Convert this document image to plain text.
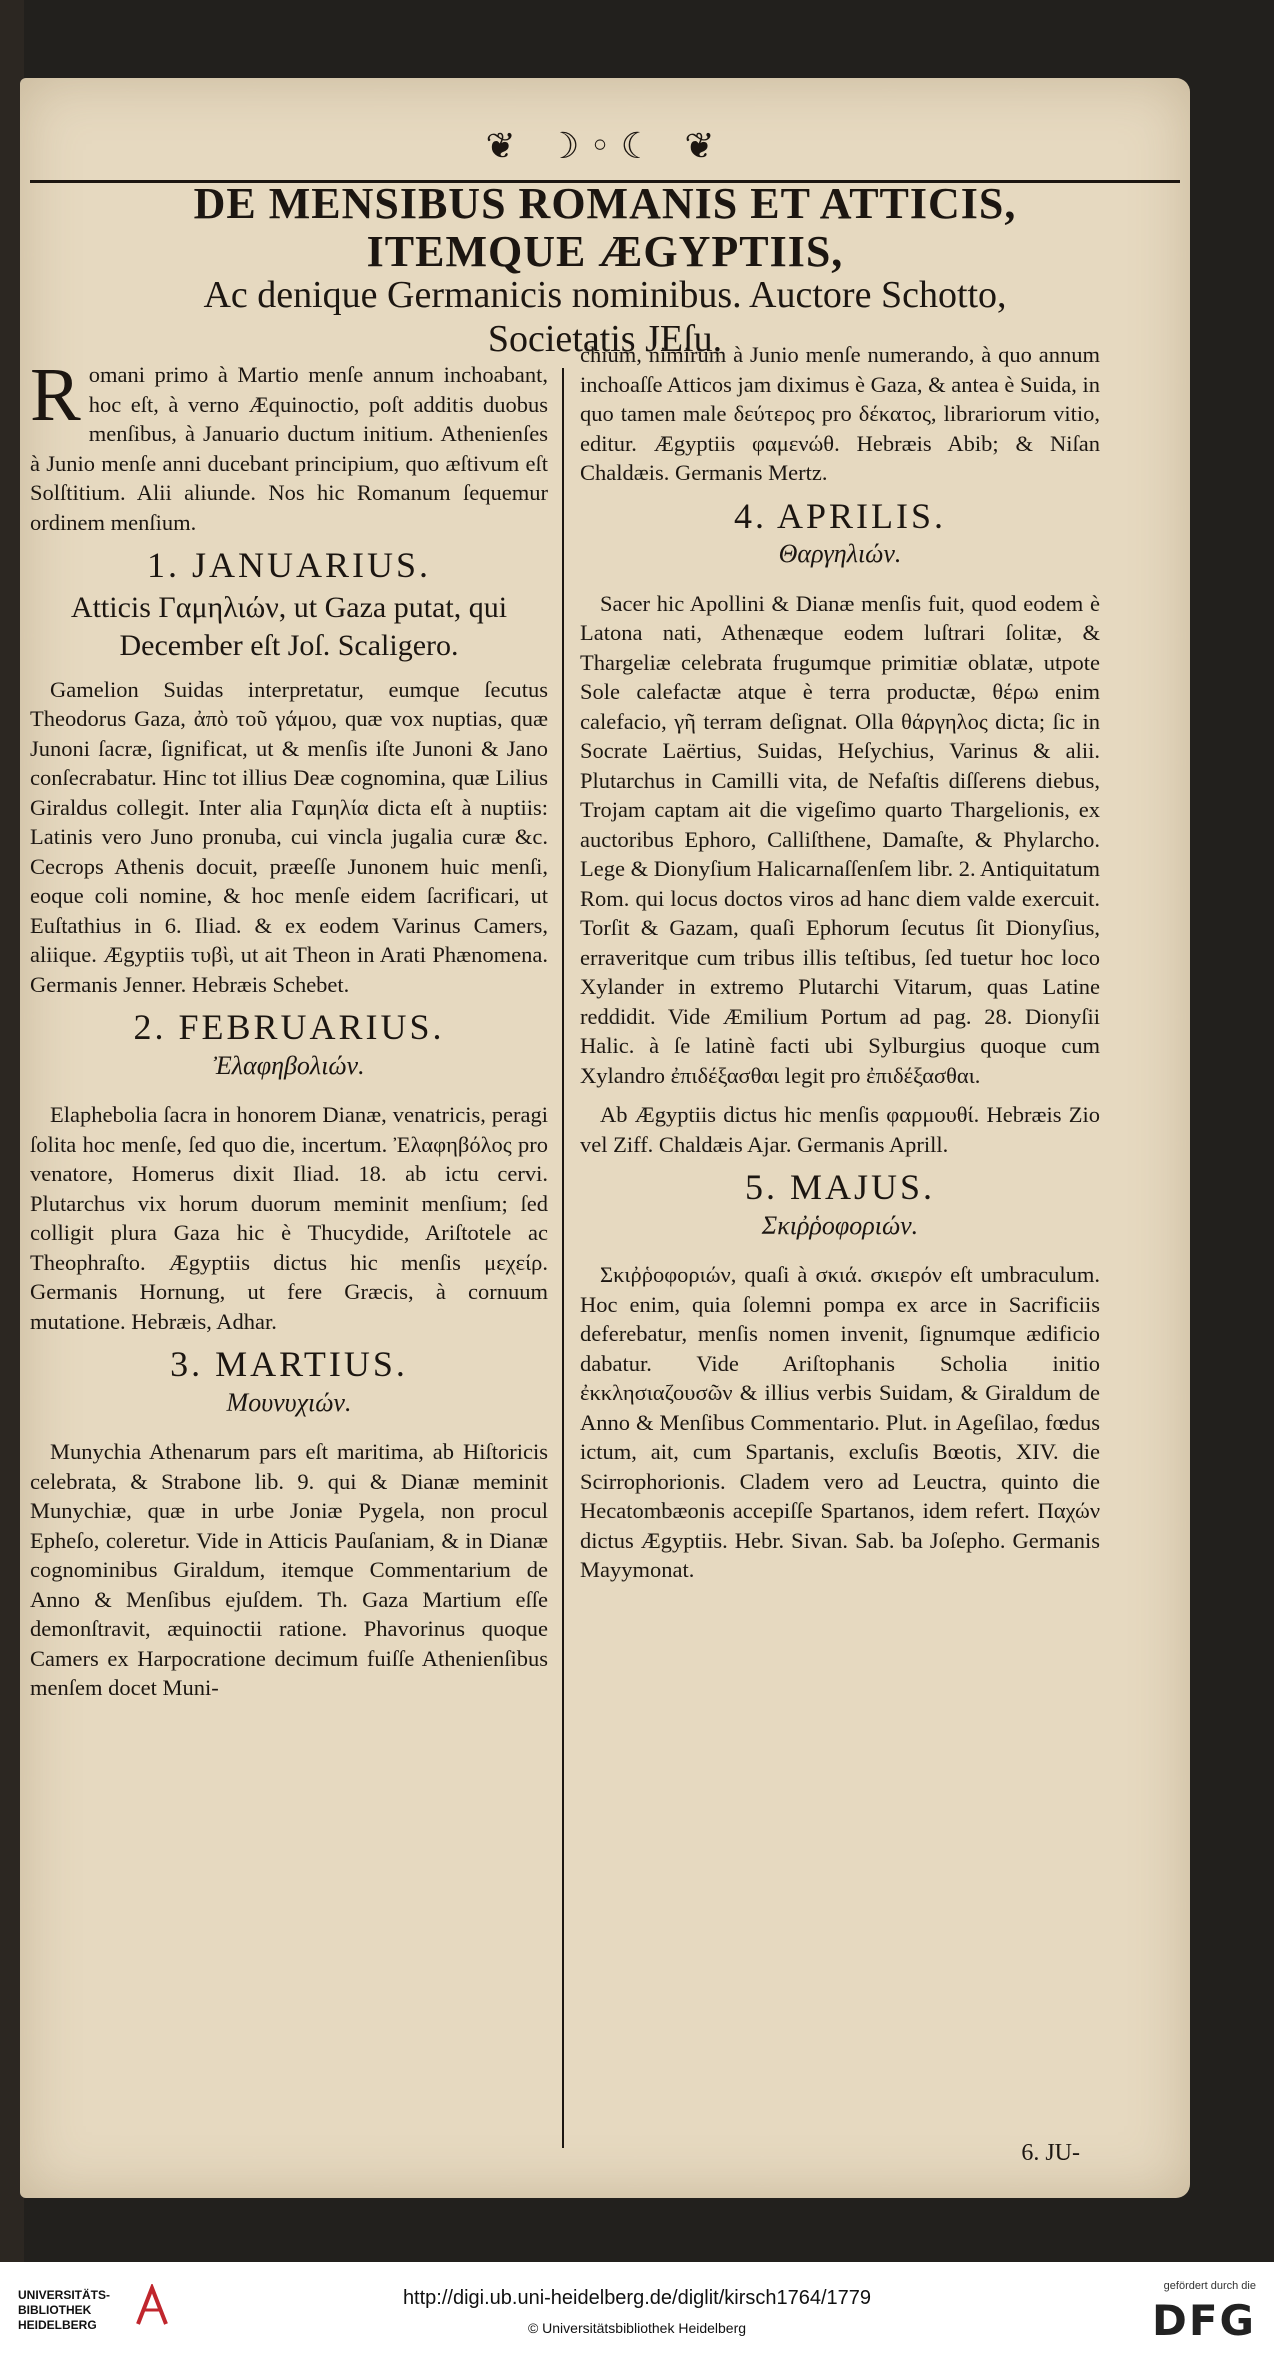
❦ ☽◦☾ ❦
DE MENSIBUS ROMANIS ET ATTICIS,
ITEMQUE ÆGYPTIIS,
Ac denique Germanicis nominibus. Auctore Schotto,
Societatis JEſu.

R omani primo à Martio menſe annum inchoabant, hoc eſt, à verno Æquinoctio, poſt additis duobus menſibus, à Januario ductum initium. Athenienſes à Junio menſe anni ducebant principium, quo æſtivum eſt Solſtitium. Alii aliunde. Nos hic Romanum ſequemur ordinem menſium.

1. JANUARIUS.
Atticis Γαμηλιών, ut Gaza putat, qui December eſt Joſ. Scaligero.

Gamelion Suidas interpretatur, eumque ſecutus Theodorus Gaza, ἀπὸ τοῦ γάμου, quæ vox nuptias, quæ Junoni ſacræ, ſignificat, ut & menſis iſte Junoni & Jano conſecrabatur. Hinc tot illius Deæ cognomina, quæ Lilius Giraldus collegit. Inter alia Γαμηλία dicta eſt à nuptiis: Latinis vero Juno pronuba, cui vincla jugalia curæ &c. Cecrops Athenis docuit, præeſſe Junonem huic menſi, eoque coli nomine, & hoc menſe eidem ſacrificari, ut Euſtathius in 6. Iliad. & ex eodem Varinus Camers, aliique. Ægyptiis τυβὶ, ut ait Theon in Arati Phænomena. Germanis Jenner. Hebræis Schebet.

2. FEBRUARIUS.
Ἐλαφηβολιών.

Elaphebolia ſacra in honorem Dianæ, venatricis, peragi ſolita hoc menſe, ſed quo die, incertum. Ἐλαφηβόλος pro venatore, Homerus dixit Iliad. 18. ab ictu cervi. Plutarchus vix horum duorum meminit menſium; ſed colligit plura Gaza hic è Thucydide, Ariſtotele ac Theophraſto. Ægyptiis dictus hic menſis μεχείρ. Germanis Hornung, ut fere Græcis, à cornuum mutatione. Hebræis, Adhar.

3. MARTIUS.
Μουνυχιών.

Munychia Athenarum pars eſt maritima, ab Hiſtoricis celebrata, & Strabone lib. 9. qui & Dianæ meminit Munychiæ, quæ in urbe Joniæ Pygela, non procul Epheſo, coleretur. Vide in Atticis Pauſaniam, & in Dianæ cognominibus Giraldum, itemque Commentarium de Anno & Menſibus ejuſdem. Th. Gaza Martium eſſe demonſtravit, æquinoctii ratione. Phavorinus quoque Camers ex Harpocratione decimum fuiſſe Athenienſibus menſem docet Muni-

chium, nimirum à Junio menſe numerando, à quo annum inchoaſſe Atticos jam diximus è Gaza, & antea è Suida, in quo tamen male δεύτερος pro δέκατος, librariorum vitio, editur. Ægyptiis φαμενώθ. Hebræis Abib; & Niſan Chaldæis. Germanis Mertz.

4. APRILIS.
Θαργηλιών.

Sacer hic Apollini & Dianæ menſis fuit, quod eodem è Latona nati, Athenæque eodem luſtrari ſolitæ, & Thargeliæ celebrata frugumque primitiæ oblatæ, utpote Sole calefactæ atque è terra productæ, θέρω enim calefacio, γῆ terram deſignat. Olla θάργηλος dicta; ſic in Socrate Laërtius, Suidas, Heſychius, Varinus & alii. Plutarchus in Camilli vita, de Nefaſtis diſſerens diebus, Trojam captam ait die vigeſimo quarto Thargelionis, ex auctoribus Ephoro, Calliſthene, Damaſte, & Phylarcho. Lege & Dionyſium Halicarnaſſenſem libr. 2. Antiquitatum Rom. qui locus doctos viros ad hanc diem valde exercuit. Torſit & Gazam, quaſi Ephorum ſecutus ſit Dionyſius, erraveritque cum tribus illis teſtibus, ſed tuetur hoc loco Xylander in extremo Plutarchi Vitarum, quas Latine reddidit. Vide Æmilium Portum ad pag. 28. Dionyſii Halic. à ſe latinè facti ubi Sylburgius quoque cum Xylandro ἐπιδέξασθαι legit pro ἐπιδέξασθαι.

Ab Ægyptiis dictus hic menſis φαρμουθί. Hebræis Zio vel Ziff. Chaldæis Ajar. Germanis Aprill.

5. MAJUS.
Σκιῤῥοφοριών.

Σκιῤῥοφοριών, quaſi à σκιά. σκιερόν eſt umbraculum. Hoc enim, quia ſolemni pompa ex arce in Sacrificiis deferebatur, menſis nomen invenit, ſignumque ædificio dabatur. Vide Ariſtophanis Scholia initio ἐκκλησιαζουσῶν & illius verbis Suidam, & Giraldum de Anno & Menſibus Commentario. Plut. in Ageſilao, fœdus ictum, ait, cum Spartanis, excluſis Bœotis, XIV. die Scirrophorionis. Cladem vero ad Leuctra, quinto die Hecatombæonis accepiſſe Spartanos, idem refert. Παχών dictus Ægyptiis. Hebr. Sivan. Sab. ba Joſepho. Germanis Mayymonat.

6. JU-
UNIVERSITÄTS-
BIBLIOTHEK
HEIDELBERG
http://digi.ub.uni-heidelberg.de/diglit/kirsch1764/1779
© Universitätsbibliothek Heidelberg
gefördert durch die
DFG
